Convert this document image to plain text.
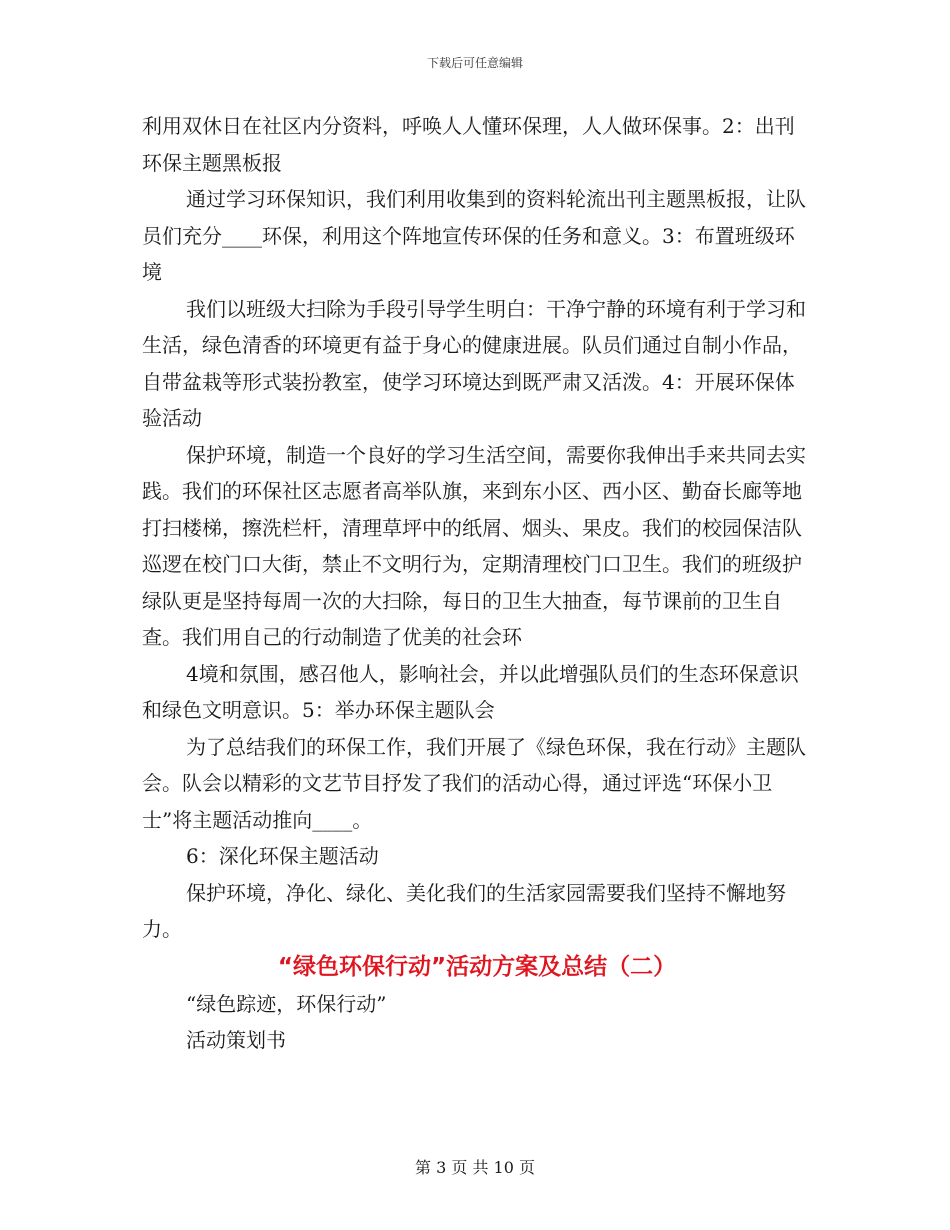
下载后可任意编辑

利用双休日在社区内分资料，呼唤人人懂环保理，人人做环保事。2：出刊环保主题黑板报

通过学习环保知识，我们利用收集到的资料轮流出刊主题黑板报，让队员们充分____环保，利用这个阵地宣传环保的任务和意义。3：布置班级环境

我们以班级大扫除为手段引导学生明白：干净宁静的环境有利于学习和生活，绿色清香的环境更有益于身心的健康进展。队员们通过自制小作品，自带盆栽等形式装扮教室，使学习环境达到既严肃又活泼。4：开展环保体验活动

保护环境，制造一个良好的学习生活空间，需要你我伸出手来共同去实践。我们的环保社区志愿者高举队旗，来到东小区、西小区、勤奋长廊等地打扫楼梯，擦洗栏杆，清理草坪中的纸屑、烟头、果皮。我们的校园保洁队巡逻在校门口大街，禁止不文明行为，定期清理校门口卫生。我们的班级护绿队更是坚持每周一次的大扫除，每日的卫生大抽查，每节课前的卫生自查。我们用自己的行动制造了优美的社会环

4境和氛围，感召他人，影响社会，并以此增强队员们的生态环保意识和绿色文明意识。5：举办环保主题队会

为了总结我们的环保工作，我们开展了《绿色环保，我在行动》主题队会。队会以精彩的文艺节目抒发了我们的活动心得，通过评选“环保小卫士”将主题活动推向____。

6：深化环保主题活动

保护环境，净化、绿化、美化我们的生活家园需要我们坚持不懈地努力。

“绿色环保行动”活动方案及总结（二）

“绿色踪迹，环保行动”

活动策划书

第 3 页 共 10 页
